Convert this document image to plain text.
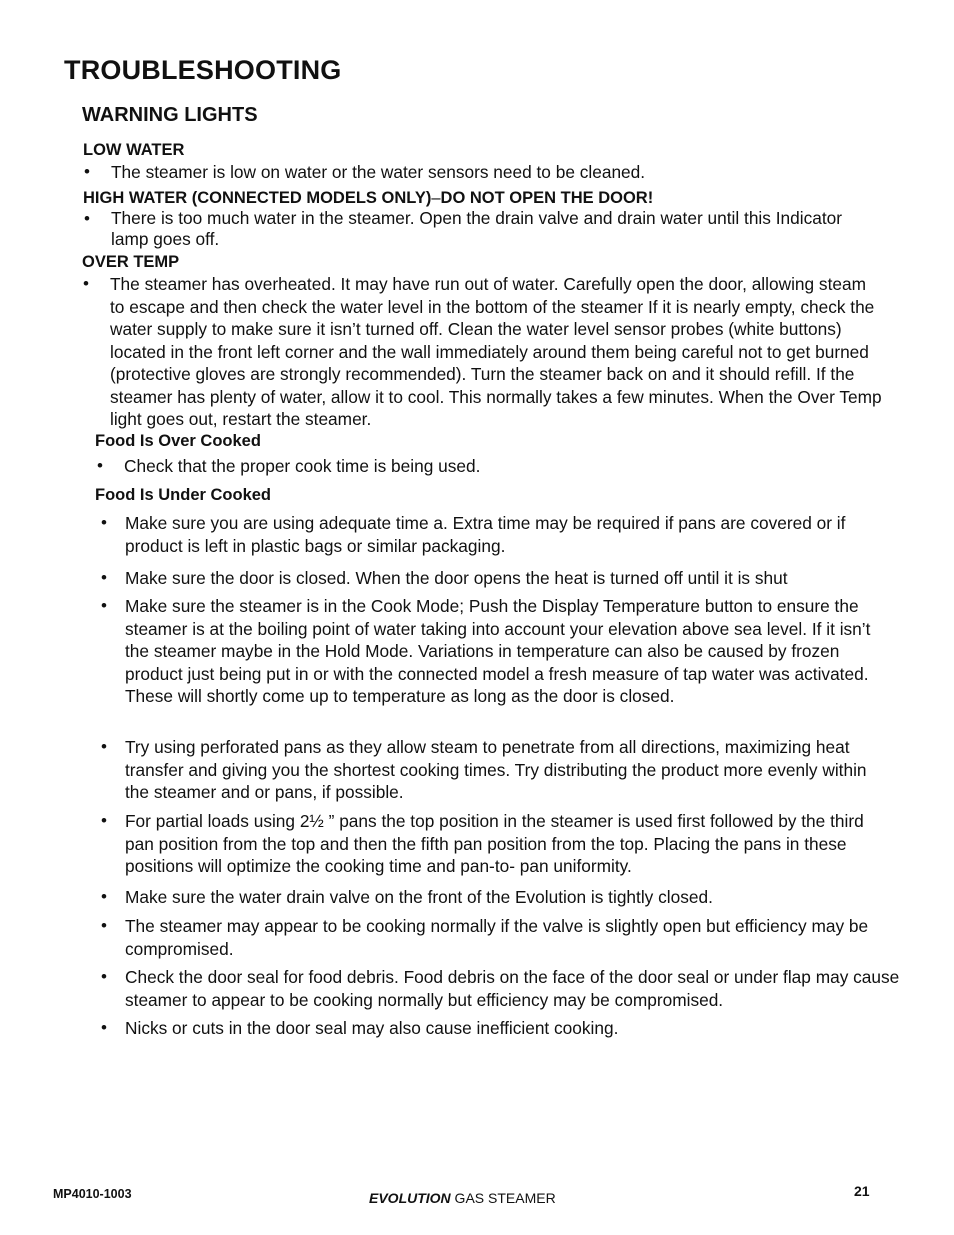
TROUBLESHOOTING
WARNING LIGHTS
LOW WATER
• The steamer is low on water or the water sensors need to be cleaned.
HIGH WATER (CONNECTED MODELS ONLY)–DO NOT OPEN THE DOOR!
• There is too much water in the steamer. Open the drain valve and drain water until this Indicator lamp goes off.
OVER TEMP
• The steamer has overheated. It may have run out of water. Carefully open the door, allowing steam to escape and then check the water level in the bottom of the steamer If it is nearly empty, check the water supply to make sure it isn’t turned off. Clean the water level sensor probes (white buttons) located in the front left corner and the wall immediately around them being careful not to get burned (protective gloves are strongly recommended). Turn the steamer back on and it should refill. If the steamer has plenty of water, allow it to cool. This normally takes a few minutes. When the Over Temp light goes out, restart the steamer.
Food Is Over Cooked
• Check that the proper cook time is being used.
Food Is Under Cooked
• Make sure you are using adequate time a. Extra time may be required if pans are covered or if product is left in plastic bags or similar packaging.
• Make sure the door is closed. When the door opens the heat is turned off until it is shut
• Make sure the steamer is in the Cook Mode; Push the Display Temperature button to ensure the steamer is at the boiling point of water taking into account your elevation above sea level. If it isn’t the steamer maybe in the Hold Mode. Variations in temperature can also be caused by frozen product just being put in or with the connected model a fresh measure of tap water was activated. These will shortly come up to temperature as long as the door is closed.
• Try using perforated pans as they allow steam to penetrate from all directions, maximizing heat transfer and giving you the shortest cooking times. Try distributing the product more evenly within the steamer and or pans, if possible.
• For partial loads using 2½ ” pans the top position in the steamer is used first followed by the third pan position from the top and then the fifth pan position from the top. Placing the pans in these positions will optimize the cooking time and pan-to- pan uniformity.
• Make sure the water drain valve on the front of the Evolution is tightly closed.
• The steamer may appear to be cooking normally if the valve is slightly open but efficiency may be compromised.
• Check the door seal for food debris. Food debris on the face of the door seal or under flap may cause steamer to appear to be cooking normally but efficiency may be compromised.
• Nicks or cuts in the door seal may also cause inefficient cooking.
MP4010-1003	EVOLUTION GAS STEAMER	21
